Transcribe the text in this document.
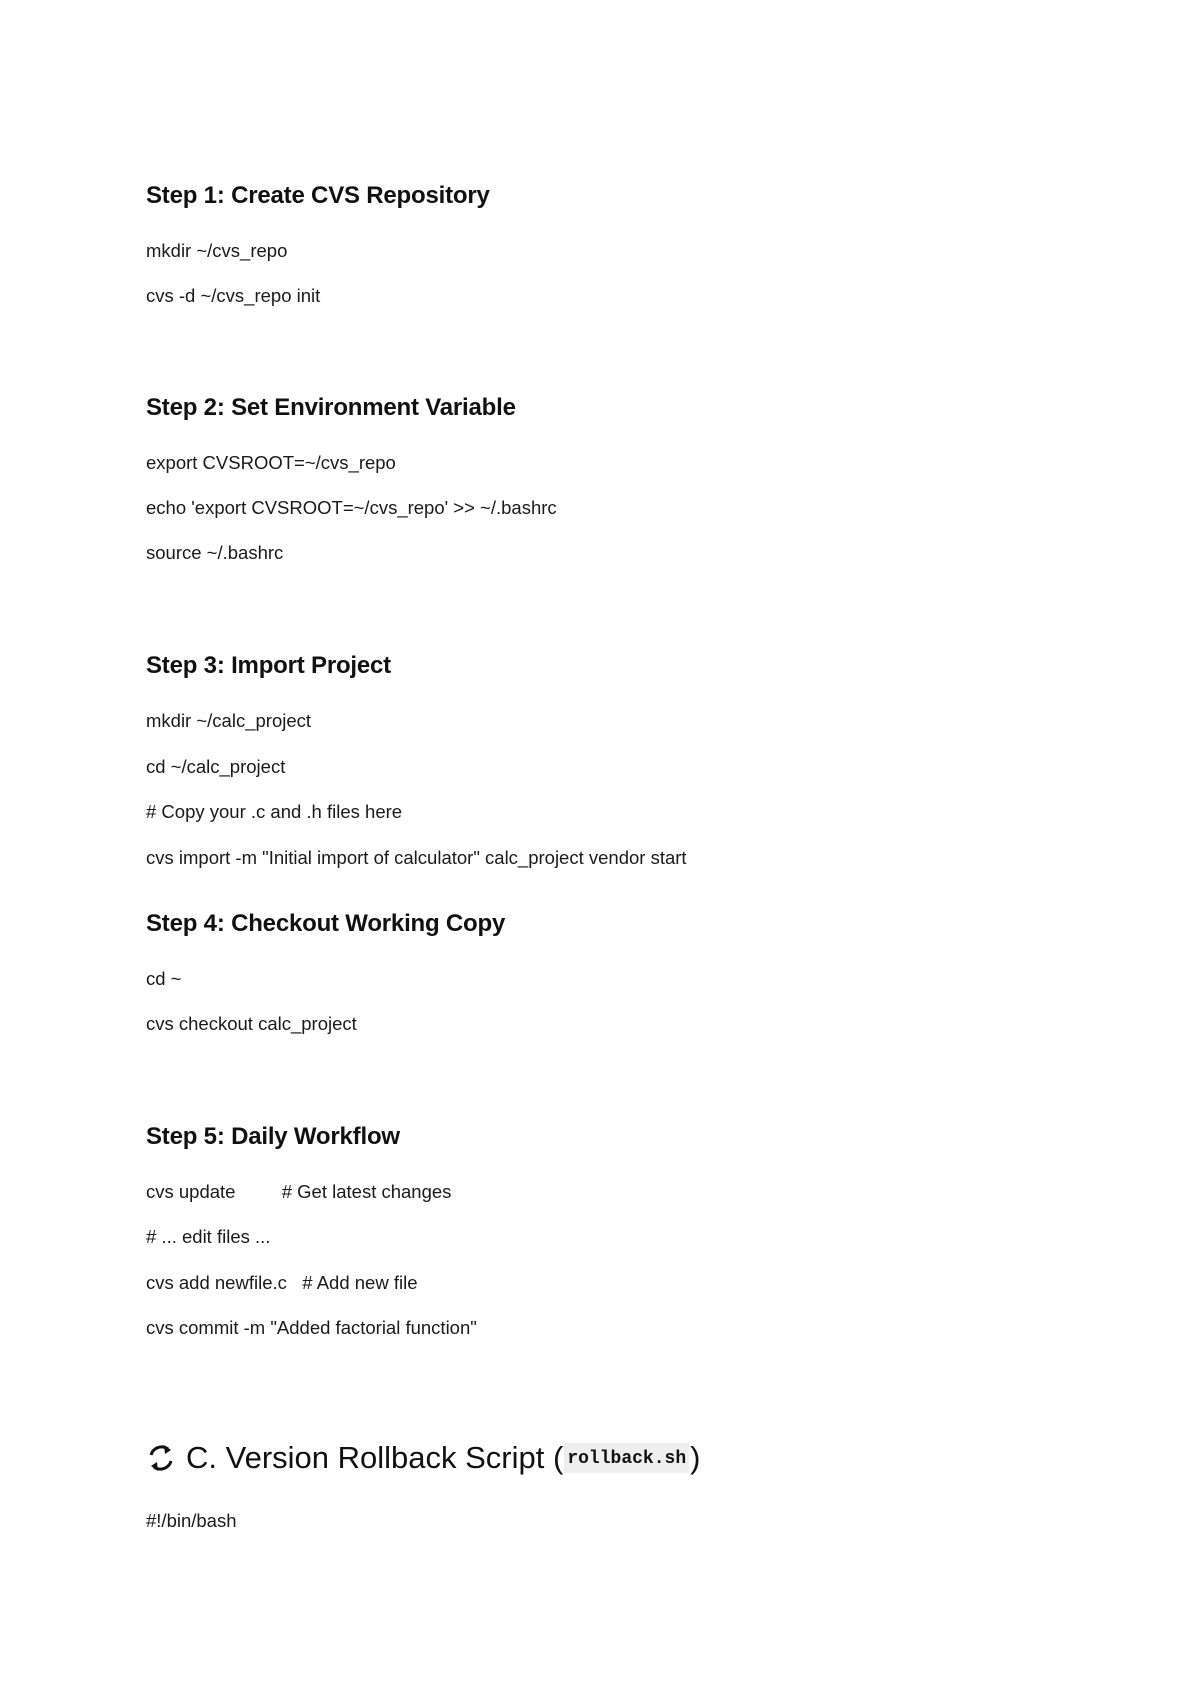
Step 1: Create CVS Repository

mkdir ~/cvs_repo

cvs -d ~/cvs_repo init

Step 2: Set Environment Variable

export CVSROOT=~/cvs_repo

echo 'export CVSROOT=~/cvs_repo' >> ~/.bashrc

source ~/.bashrc

Step 3: Import Project

mkdir ~/calc_project

cd ~/calc_project

# Copy your .c and .h files here

cvs import -m "Initial import of calculator" calc_project vendor start

Step 4: Checkout Working Copy

cd ~

cvs checkout calc_project

Step 5: Daily Workflow

cvs update         # Get latest changes

# ... edit files ...

cvs add newfile.c   # Add new file

cvs commit -m "Added factorial function"

C. Version Rollback Script ( rollback.sh )

#!/bin/bash
